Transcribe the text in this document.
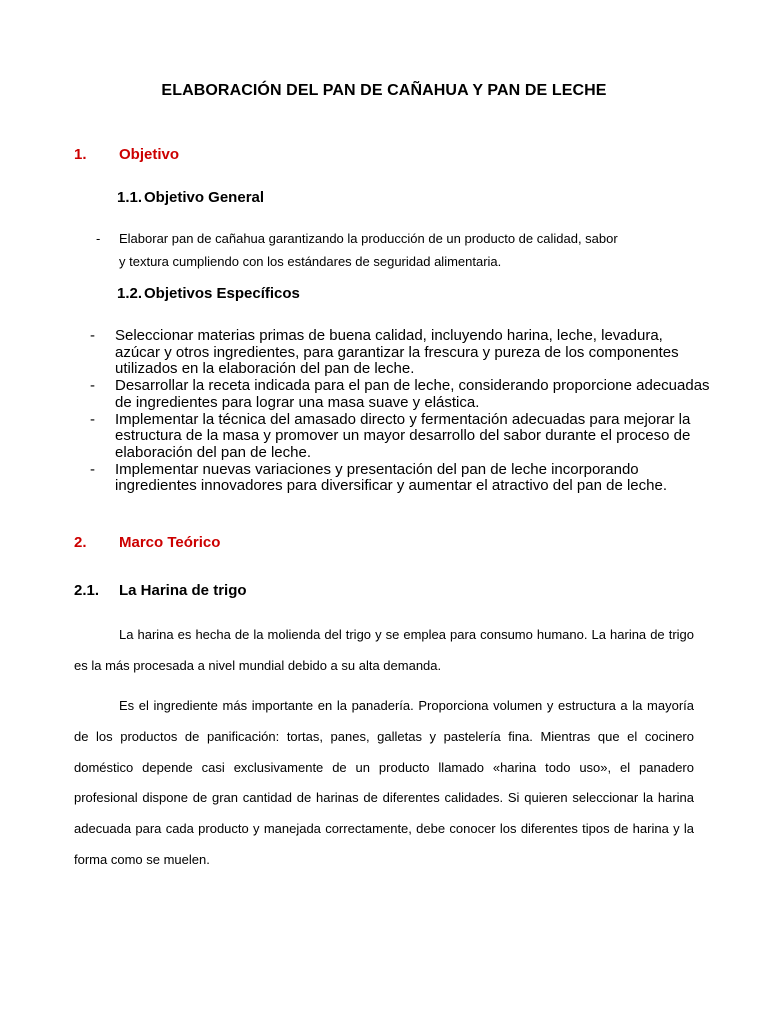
ELABORACIÓN DEL PAN DE CAÑAHUA Y PAN DE LECHE
1. Objetivo
1.1. Objetivo General
- Elaborar pan de cañahua garantizando la producción de un producto de calidad, sabor
y textura cumpliendo con los estándares de seguridad alimentaria.
1.2. Objetivos Específicos
-	Seleccionar materias primas de buena calidad, incluyendo harina, leche, levadura, azúcar y otros ingredientes, para garantizar la frescura y pureza de los componentes utilizados en la elaboración del pan de leche.
-	Desarrollar la receta indicada para el pan de leche, considerando proporcione adecuadas de ingredientes para lograr una masa suave y elástica.
-	Implementar la técnica del amasado directo y fermentación adecuadas para mejorar la estructura de la masa y promover un mayor desarrollo del sabor durante el proceso de elaboración del pan de leche.
-	Implementar nuevas variaciones y presentación del pan de leche incorporando ingredientes innovadores para diversificar y aumentar el atractivo del pan de leche.
2. Marco Teórico
2.1. La Harina de trigo
La harina es hecha de la molienda del trigo y se emplea para consumo humano. La harina de trigo es la más procesada a nivel mundial debido a su alta demanda.
Es el ingrediente más importante en la panadería. Proporciona volumen y estructura a la mayoría de los productos de panificación: tortas, panes, galletas y pastelería fina. Mientras que el cocinero doméstico depende casi exclusivamente de un producto llamado «harina todo uso», el panadero profesional dispone de gran cantidad de harinas de diferentes calidades. Si quieren seleccionar la harina adecuada para cada producto y manejada correctamente, debe conocer los diferentes tipos de harina y la forma como se muelen.
